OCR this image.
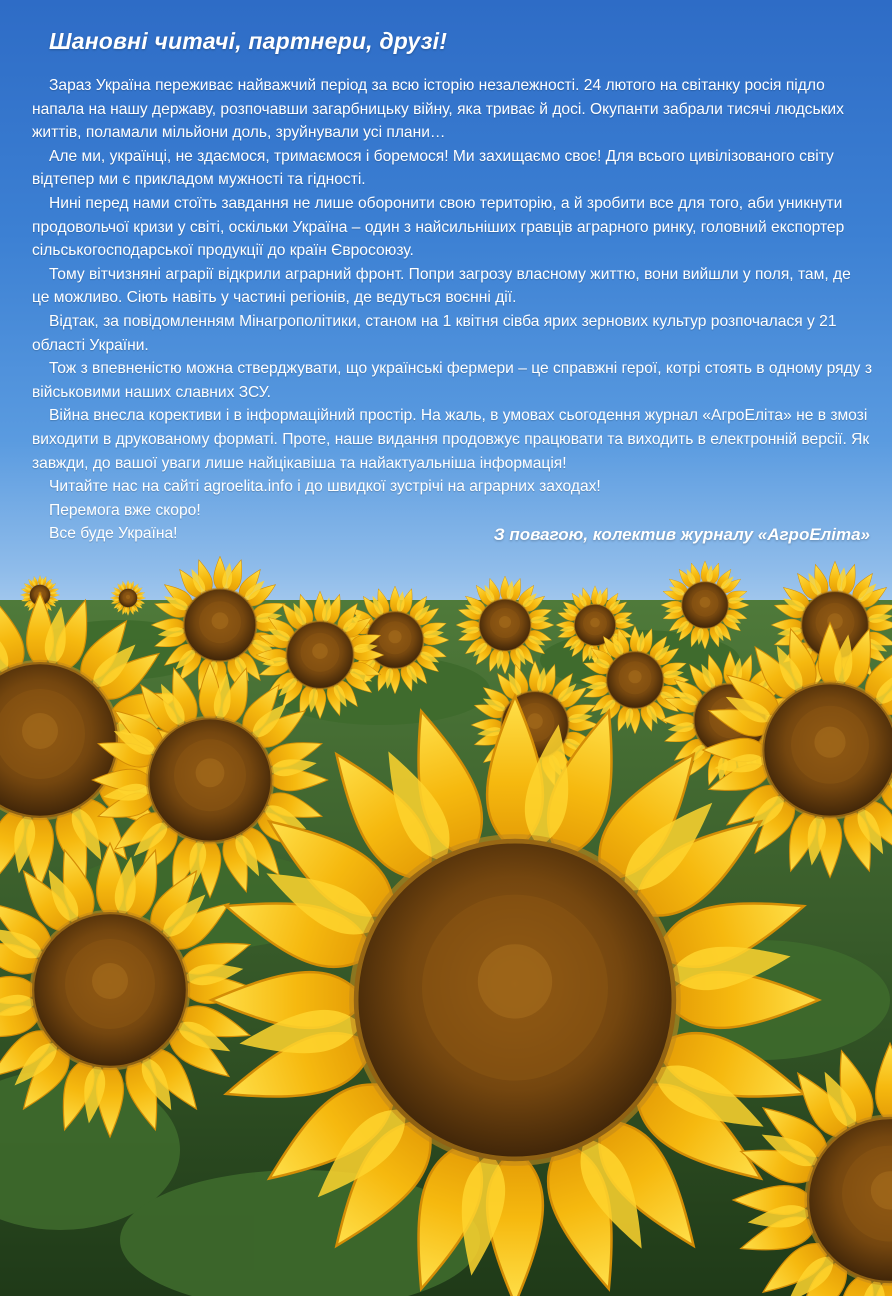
Шановні читачі, партнери, друзі!

Зараз Україна переживає найважчий період за всю історію незалежності. 24 лютого на світанку росія підло напала на нашу державу, розпочавши загарбницьку війну, яка триває й досі. Окупанти забрали тисячі людських життів, поламали мільйони доль, зруйнували усі плани…

Але ми, українці, не здаємося, тримаємося і боремося! Ми захищаємо своє! Для всього цивілізованого світу відтепер ми є прикладом мужності та гідності.

Нині перед нами стоїть завдання не лише оборонити свою територію, а й зробити все для того, аби уникнути продовольчої кризи у світі, оскільки Україна – один з найсильніших гравців аграрного ринку, головний експортер сільськогосподарської продукції до країн Євросоюзу.

Тому вітчизняні аграрії відкрили аграрний фронт. Попри загрозу власному життю, вони вийшли у поля, там, де це можливо. Сіють навіть у частині регіонів, де ведуться воєнні дії.

Відтак, за повідомленням Мінагрополітики, станом на 1 квітня сівба ярих зернових культур розпочалася у 21 області України.

Тож з впевненістю можна стверджувати, що українські фермери – це справжні герої, котрі стоять в одному ряду з військовими наших славних ЗСУ.

Війна внесла корективи і в інформаційний простір. На жаль, в умовах сьогодення журнал «АгроЕліта» не в змозі виходити в друкованому форматі. Проте, наше видання продовжує працювати та виходить в електронній версії. Як завжди, до вашої уваги лише найцікавіша та найактуальніша інформація!

Читайте нас на сайті agroelita.info і до швидкої зустрічі на аграрних заходах!

Перемога вже скоро!

Все буде Україна!	З повагою, колектив журналу «АгроЕліта»
